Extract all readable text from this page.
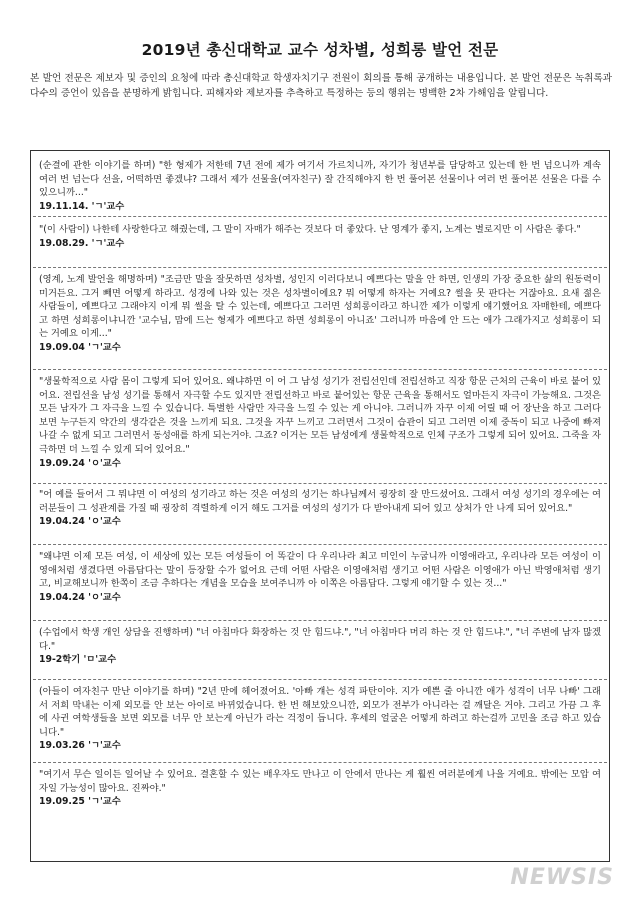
2019년 총신대학교 교수 성차별, 성희롱 발언 전문
본 발언 전문은 제보자 및 증인의 요청에 따라 총신대학교 학생자치기구 전원이 회의를 통해 공개하는 내용입니다. 본 발언 전문은 녹취록과 다수의 증언이 있음을 분명하게 밝힙니다. 피해자와 제보자를 추측하고 특정하는 등의 행위는 명백한 2차 가해임을 알립니다.

(순결에 관한 이야기를 하며) "한 형제가 저한테 7년 전에 제가 여기서 가르치니까, 자기가 청년부를 담당하고 있는데 한 번 넘으니까 계속 여러 번 넘는다 선을, 어떡하면 좋겠냐? 그래서 제가 선물을(여자친구) 잘 간직해야지 한 번 풀어본 선물이나 여러 번 풀어본 선물은 다를 수 있으니까..."

19.11.14. 'ㄱ'교수

"(이 사람이) 나한테 사랑한다고 해줬는데, 그 말이 자매가 해주는 것보다 더 좋았다. 난 영계가 좋지, 노계는 별로지만 이 사람은 좋다."

19.08.29. 'ㄱ'교수

(영계, 노계 발언을 해명하며) "조금만 말을 잘못하면 성차별, 성인지 이러다보니 예쁘다는 말을 안 하면, 인생의 가장 중요한 삶의 원동력이 미거든요. 그거 빼면 어떻게 하라고. 성경에 나와 있는 것은 성차별이에요? 뭐 어떻게 하자는 거예요? 썰을 못 판다는 거잖아요. 요새 젊은 사람들이, 예쁘다고 그래야지 이게 뭐 썰을 탈 수 있는데, 예쁘다고 그러면 성희롱이라고 하니깐 제가 이렇게 얘기했어요 자매한테, 예쁘다고 하면 성희롱이냐니깐 '교수님, 맘에 드는 형제가 예쁘다고 하면 성희롱이 아니죠' 그러니까 마음에 안 드는 애가 그래가지고 성희롱이 되는 거예요 이게..."

19.09.04 'ㄱ'교수

"생물학적으로 사람 몸이 그렇게 되어 있어요. 왜냐하면 이 어 그 남성 성기가 전립선인데 전립선하고 직장 항문 근처의 근육이 바로 붙어 있어요. 전립선을 남성 성기를 통해서 자극할 수도 있지만 전립선하고 바로 붙어있는 항문 근육을 통해서도 얼마든지 자극이 가능해요. 그것은 모든 남자가 그 자극을 느낄 수 있습니다. 특별한 사람만 자극을 느낄 수 있는 게 아니야. 그러니까 자꾸 이제 어릴 때 어 장난을 하고 그러다 보면 누구든지 약간의 생각같은 것을 느끼게 되요. 그것을 자꾸 느끼고 그러면서 그것이 습관이 되고 그러면 이제 중독이 되고 나중에 빠져나갈 수 없게 되고 그러면서 동성애를 하게 되는거야. 그죠? 이거는 모든 남성에게 생물학적으로 인체 구조가 그렇게 되어 있어요. 그죽을 자극하면 더 느낄 수 있게 되어 있어요."

19.09.24 'ㅇ'교수

"어 예를 들어서 그 뭐냐면 이 여성의 성기라고 하는 것은 여성의 성기는 하나님께서 굉장히 잘 만드셨어요. 그래서 여성 성기의 경우에는 여러분들이 그 성관계를 가질 때 굉장히 격렬하게 이거 해도 그거를 여성의 성기가 다 받아내게 되어 있고 상처가 안 나게 되어 있어요."

19.04.24 'ㅇ'교수

"왜냐면 이제 모든 여성, 이 세상에 있는 모든 여성들이 어 똑같이 다 우리나라 최고 미인이 누굽니까 이영애라고, 우리나라 모든 여성이 이영애처럼 생겼다면 아름답다는 말이 등장할 수가 없어요 근데 어떤 사람은 이영애처럼 생기고 어떤 사람은 이영애가 아닌 박영애처럼 생기고, 비교해보니까 한쪽이 조금 추하다는 개념을 모습을 보여주니까 아 이쪽은 아름답다. 그렇게 얘기할 수 있는 것..."

19.04.24 'ㅇ'교수

(수업에서 학생 개인 상담을 진행하며) "너 아침마다 화장하는 것 안 힘드냐.", "너 아침마다 머리 하는 것 안 힘드냐.", "너 주변에 남자 많겠다."

19-2학기 'ㅁ'교수

(아들이 여자친구 만난 이야기를 하며) "2년 만에 헤어졌어요. '아빠 걔는 성격 파탄이야. 지가 예쁜 줄 아니깐 애가 성격이 너무 나빠' 그래서 저희 막내는 이제 외모를 안 보는 아이로 바뀌었습니다. 한 번 해보았으니깐, 외모가 전부가 아니라는 걸 깨달은 거야. 그리고 가끔 그 후에 사귄 여학생들을 보면 외모를 너무 안 보는게 아닌가 라는 걱정이 듭니다. 후세의 얼굴은 어떻게 하려고 하는걸까 고민을 조금 하고 있습니다."

19.03.26 'ㄱ'교수

"여기서 무슨 일이든 일어날 수 있어요. 결혼할 수 있는 배우자도 만나고 이 안에서 만나는 게 훨씬 여러분에게 나을 거예요. 밖에는 모압 여자일 가능성이 많아요. 진짜야."

19.09.25 'ㄱ'교수
NEWSIS
